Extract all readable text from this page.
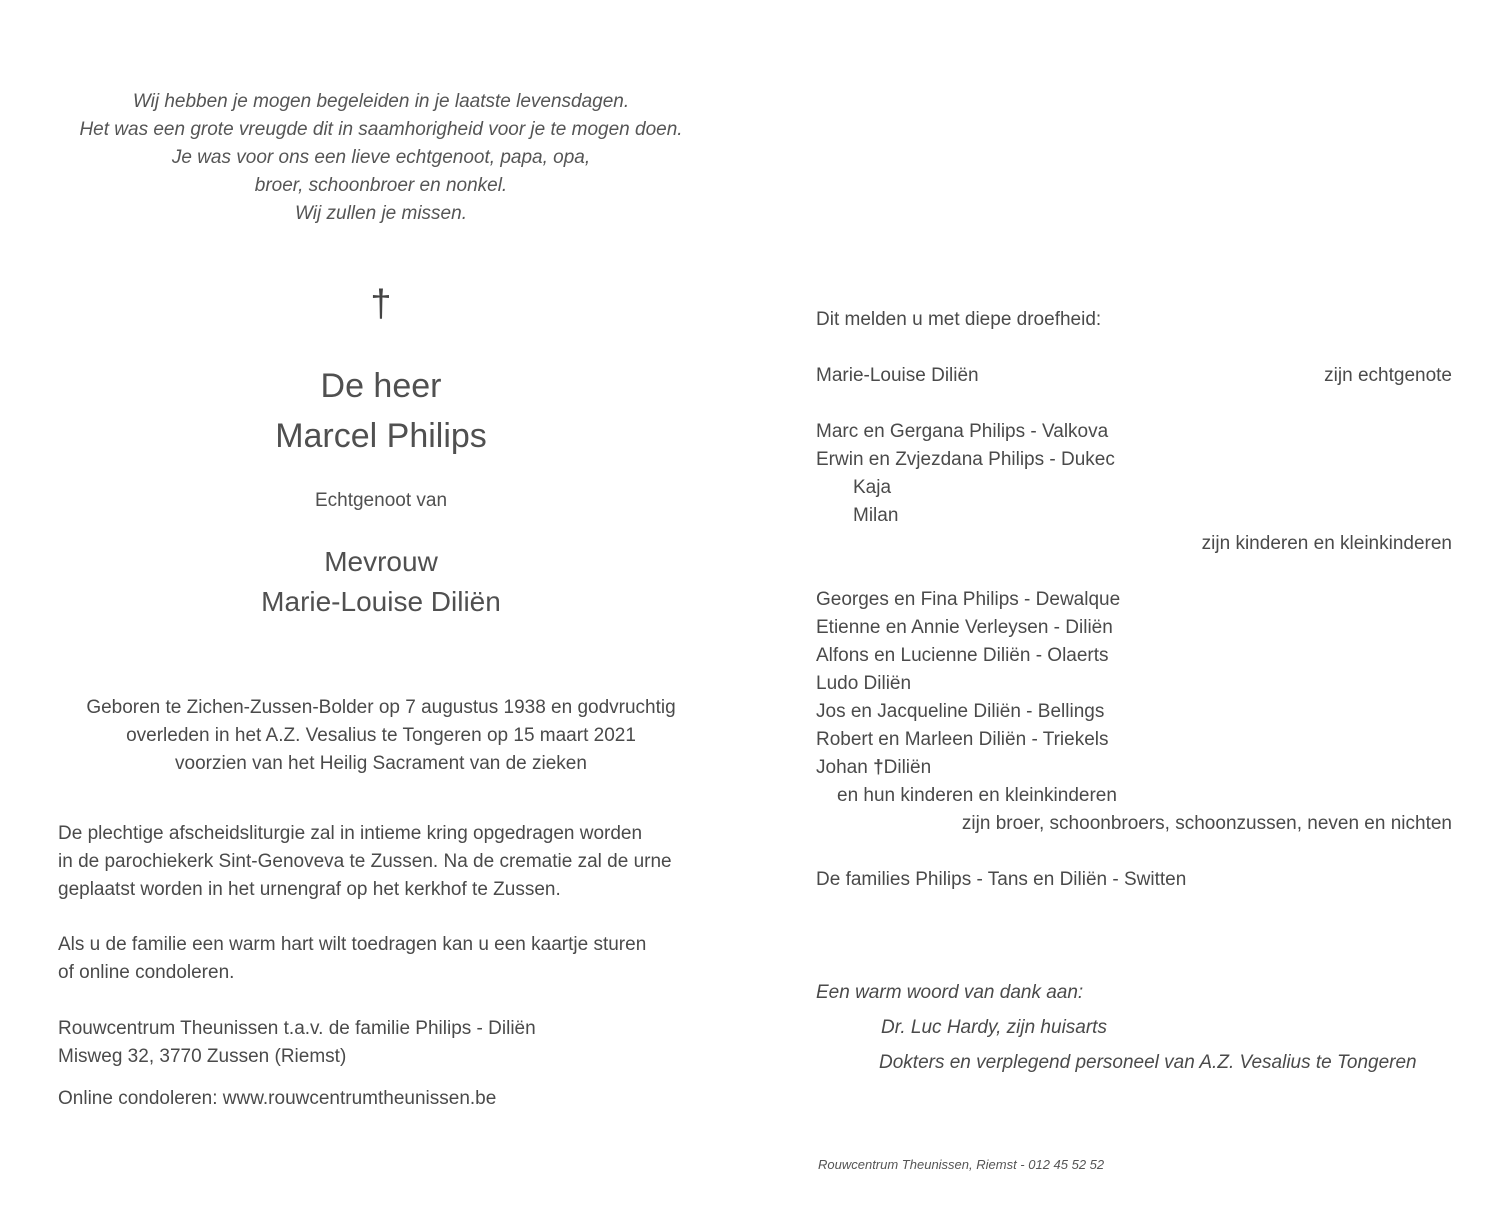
Wij hebben je mogen begeleiden in je laatste levensdagen.
Het was een grote vreugde dit in saamhorigheid voor je te mogen doen.
Je was voor ons een lieve echtgenoot, papa, opa,
broer, schoonbroer en nonkel.
Wij zullen je missen.
†
De heer
Marcel Philips
Echtgenoot van
Mevrouw
Marie-Louise Diliën
Geboren te Zichen-Zussen-Bolder op 7 augustus 1938 en godvruchtig
overleden in het A.Z. Vesalius te Tongeren op 15 maart 2021
voorzien van het Heilig Sacrament van de zieken
De plechtige afscheidsliturgie zal in intieme kring opgedragen worden
in de parochiekerk Sint-Genoveva te Zussen. Na de crematie zal de urne
geplaatst worden in het urnengraf op het kerkhof te Zussen.
Als u de familie een warm hart wilt toedragen kan u een kaartje sturen
of online condoleren.
Rouwcentrum Theunissen t.a.v. de familie Philips - Diliën
Misweg 32, 3770 Zussen (Riemst)
Online condoleren: www.rouwcentrumtheunissen.be
Dit melden u met diepe droefheid:
Marie-Louise Diliën	zijn echtgenote
Marc en Gergana Philips - Valkova
Erwin en Zvjezdana Philips - Dukec
Kaja
Milan
zijn kinderen en kleinkinderen
Georges en Fina Philips - Dewalque
Etienne en Annie Verleysen - Diliën
Alfons en Lucienne Diliën - Olaerts
Ludo Diliën
Jos en Jacqueline Diliën - Bellings
Robert en Marleen Diliën - Triekels
Johan †Diliën
en hun kinderen en kleinkinderen
zijn broer, schoonbroers, schoonzussen, neven en nichten
De families Philips - Tans en Diliën - Switten
Een warm woord van dank aan:
Dr. Luc Hardy, zijn huisarts
Dokters en verplegend personeel van A.Z. Vesalius te Tongeren
Rouwcentrum Theunissen, Riemst - 012 45 52 52
